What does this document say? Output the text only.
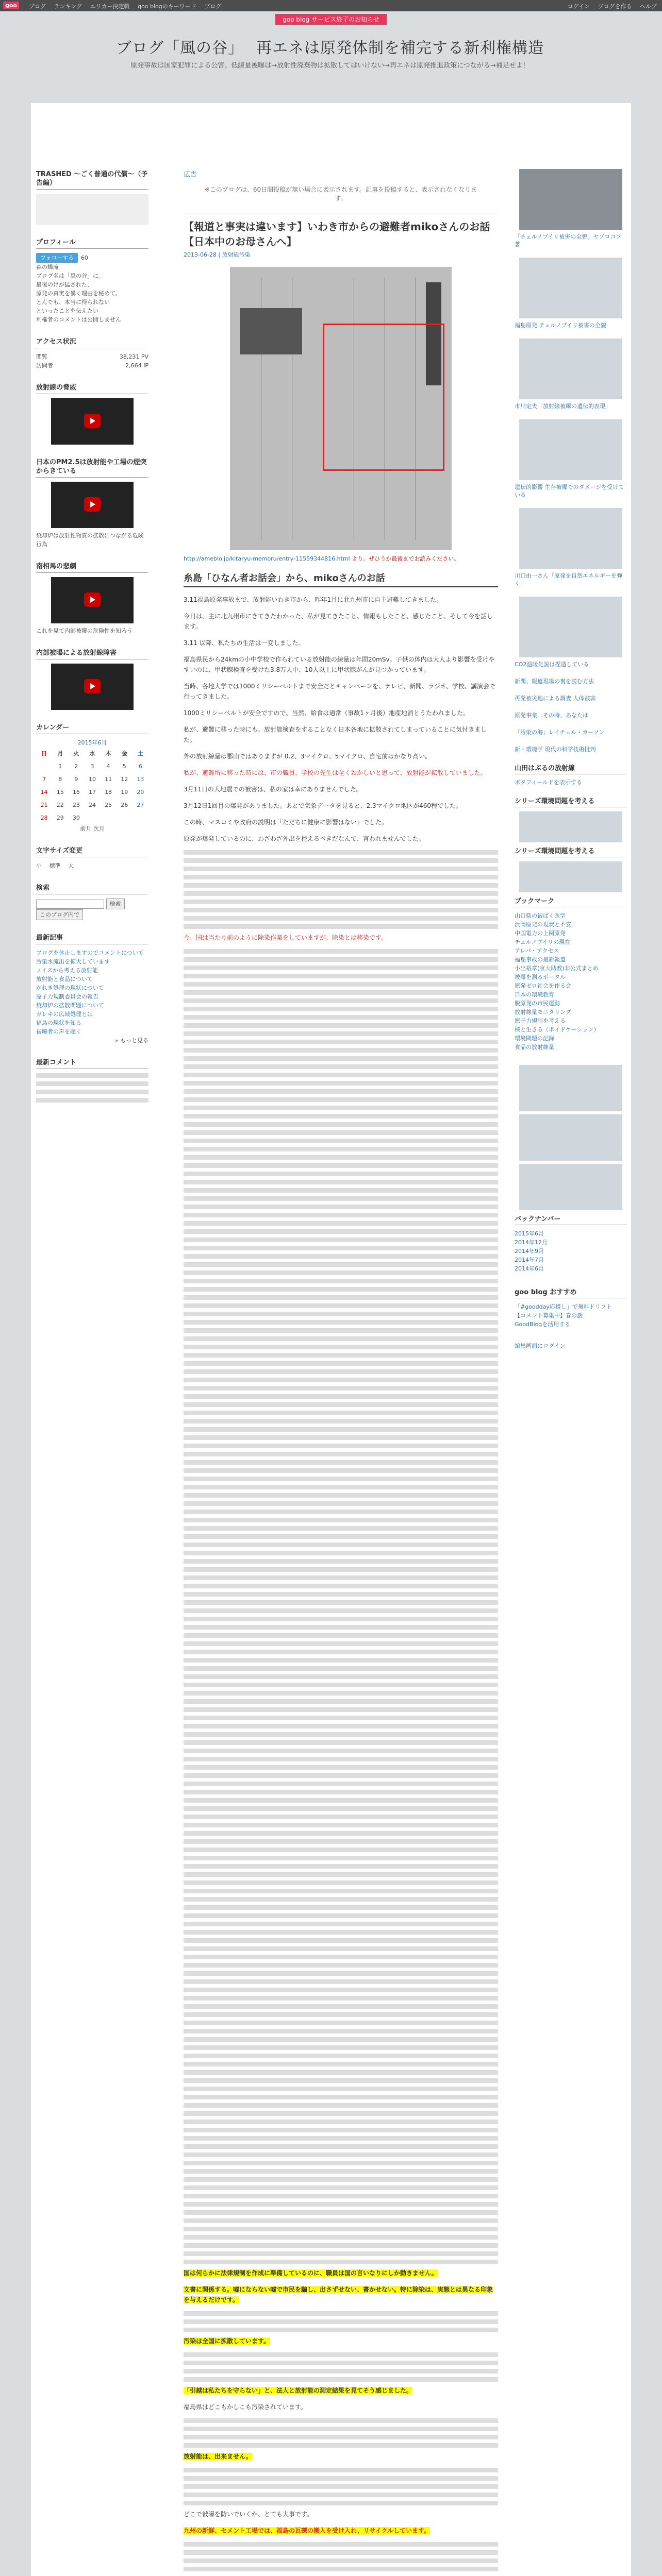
goo	ブログ ランキング エリカー決定戦 goo blogのキーワード ブログ	ログイン ブログを作る ヘルプ
goo blog サービス終了のお知らせ
ブログ「風の谷」 再エネは原発体制を補完する新利権構造
原発事故は国家犯罪による公害。低線量被曝は→放射性廃棄物は拡散してはいけない→再エネは原発推進政策につながる→補足せよ！
TRASHED ～ごく普通の代償～（予告編）
プロフィール
フォローする 60
森の蝶庵
ブログ名は「風の谷」に。
最後のけが猛された、
原発の真実を暴く理由を秘めて。
とんでも、本当に得られない
といったことを伝えたい
利権者のコメントは公開しません
アクセス状況
閲覧	38,231 PV
訪問者	2,664 IP
放射線の脅威
日本のPM2.5は放射能や工場の煙突からきている
焼却炉は放射性物質の拡散につながる危険行為
南相馬の悲劇
これを見て内部被曝の危険性を知ろう
内部被曝による放射線障害
カレンダー
2015年6月
日	月	火	水	木	金	土
	1	2	3	4	5	6
7	8	9	10	11	12	13
14	15	16	17	18	19	20
21	22	23	24	25	26	27
28	29	30				
前月 次月
文字サイズ変更
小　 標準　 大
検索
検索
このブログ内で
最新記事
ブログを休止しますのでコメントについて
汚染水流出を拡大しています
ノイズから考える放射能
放射能と食品について
がれき処理の現状について
原子力規制委員会の報告
焼却炉の拡散問題について
ガレキの広域処理とは
福島の現状を知る
被曝者の声を聴く
» もっと見る
最新コメント
広告
※このブログは、60日間投稿が無い場合に表示されます。記事を投稿すると、表示されなくなります。
【報道と事実は違います】いわき市からの避難者mikoさんのお話 【日本中のお母さんへ】
2013-06-28 | 放射能汚染
http://ameblo.jp/kitaryu-memoru/entry-11559344816.html より。ぜひうか最後までお読みください。
糸島「ひなん者お話会」から、mikoさんのお話

3.11福島原発事故まで、放射能いわき市から、昨年1月に北九州市に自主避難してきました。

今日は、主に北九州市にきてきたわかった、私が見てきたこと、情報もしたこと、感じたこと、そして今を話します。

3.11 以降、私たちの生活は一変しました。

福島県民から24kmの小中学校で作られている放射能の線量は年間20mSv。子供の体内は大人より影響を受けやすいのに、甲状腺検査を受けた3.8万人中、10人以上に甲状腺がんが見つかっています。

当時、各地大学では1000ミリシーベルトまで安全だとキャンペーンを、テレビ、新聞、ラジオ、学校、講演会で行ってきました。

1000ミリシーベルトが安全ですので、当然、給食は通常（事故1ヶ月後）地産地消とうたわれました。

私が、避難に移った時にも、放射能検査をすることなく日本各地に拡散されてしまっていることに気付きました。

外の放射線量は郡山ではありますが 0.2、3マイクロ、5マイクロ、自宅前はかなり高い。

私が、避難所に移った時には、市の職員、学校の先生は全くおかしいと思って、放射能が拡散していました。

3月11日の大地震での被害は、私の家は幸にありませんでした。

3月12日1回目の爆発がありました。あとで気象データを見ると、2.3マイクロ地区が460程でした。

この時、マスコミや政府の説明は『ただちに健康に影響はない』でした。

原発が爆発しているのに、わざわざ外出を控えるべきだなんて、言われませんでした。

今、国は当たり前のように除染作業をしていますが、除染とは移染です。

国は何らかに法律規制を作成に準備しているのに、職員は国の言いなりにしか動きません。

文書に関係する。嘘にならない嘘で市民を騙し、出さずせない、書かせない。特に除染は、実態とは異なる印象を与えるだけです。

汚染は全国に拡散しています。

「引越は私たちを守らない」と、法人と放射能の測定結果を見てそう感じました。

福島県はどこもかしこも汚染されています。

放射能は、出来ません。

どこで被曝を防いでいくか、とても大事です。

九州の新鮮、セメント工場では、福島の瓦礫の搬入を受け入れ、リサイクルしています。

「チェルノブイリ被害の全貌」ヤブロコフ著
福島原発 チェルノブイリ被害の全貌
市川定夫「放射線被曝の遺伝的表現」
遺伝的影響 生存被曝でのダメージを受けている
川口由一さん「原発を自然エネルギーを弾く」
CO2温暖化説は捏造している
新聞、報道現場の裏を読む方法
再発被災地による調査 人体被害
原発事業…その時、あなたは
「汚染の海」レイチェル・カーソン
新・環境学 現代の科学技術批判
山田はぶるの放射線
ボタフィールドを表示する
シリーズ環境問題を考える
シリーズ環境問題を考える
ブックマーク
山口県の被ばく医学
浜岡原発の現状と不安
中国電力の上関原発
チェルノブイリの現在
アレバ・アクセス
福島事故の最新報道
小出裕章(京大助教)非公式まとめ
被曝を測るポータル
原発ゼロ社会を作る会
日本の環境教育
脱原発の市民運動
放射線量モニタリング
原子力規制を考える
核と生きる（ポイドケーション）
環境問題の記録
食品の放射線量
バックナンバー
2015年6月
2014年12月
2014年9月
2014年7月
2014年6月
goo blog おすすめ
「#goodday応援し」で無料ドリフト
【コメント募集中】春の話
GoodBlogを活用する
編集画面にログイン
